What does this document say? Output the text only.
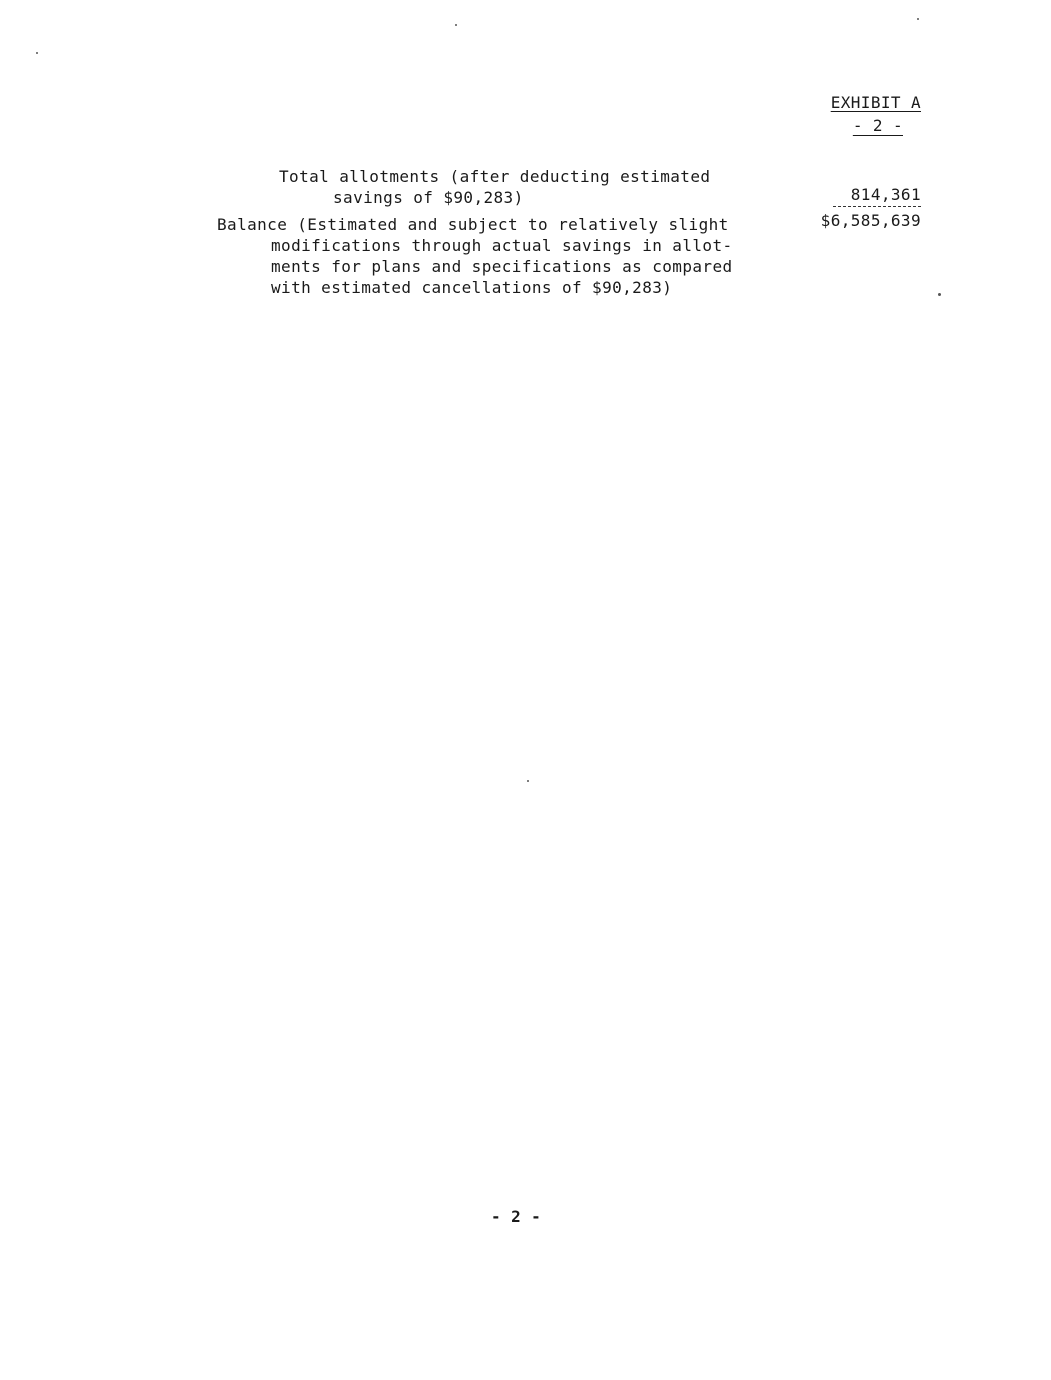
EXHIBIT A
- 2 -
Total allotments (after deducting estimated
savings of $90,283)	814,361
Balance (Estimated and subject to relatively slight
modifications through actual savings in allot-
ments for plans and specifications as compared
with estimated cancellations of $90,283)
$6,585,639
- 2 -
